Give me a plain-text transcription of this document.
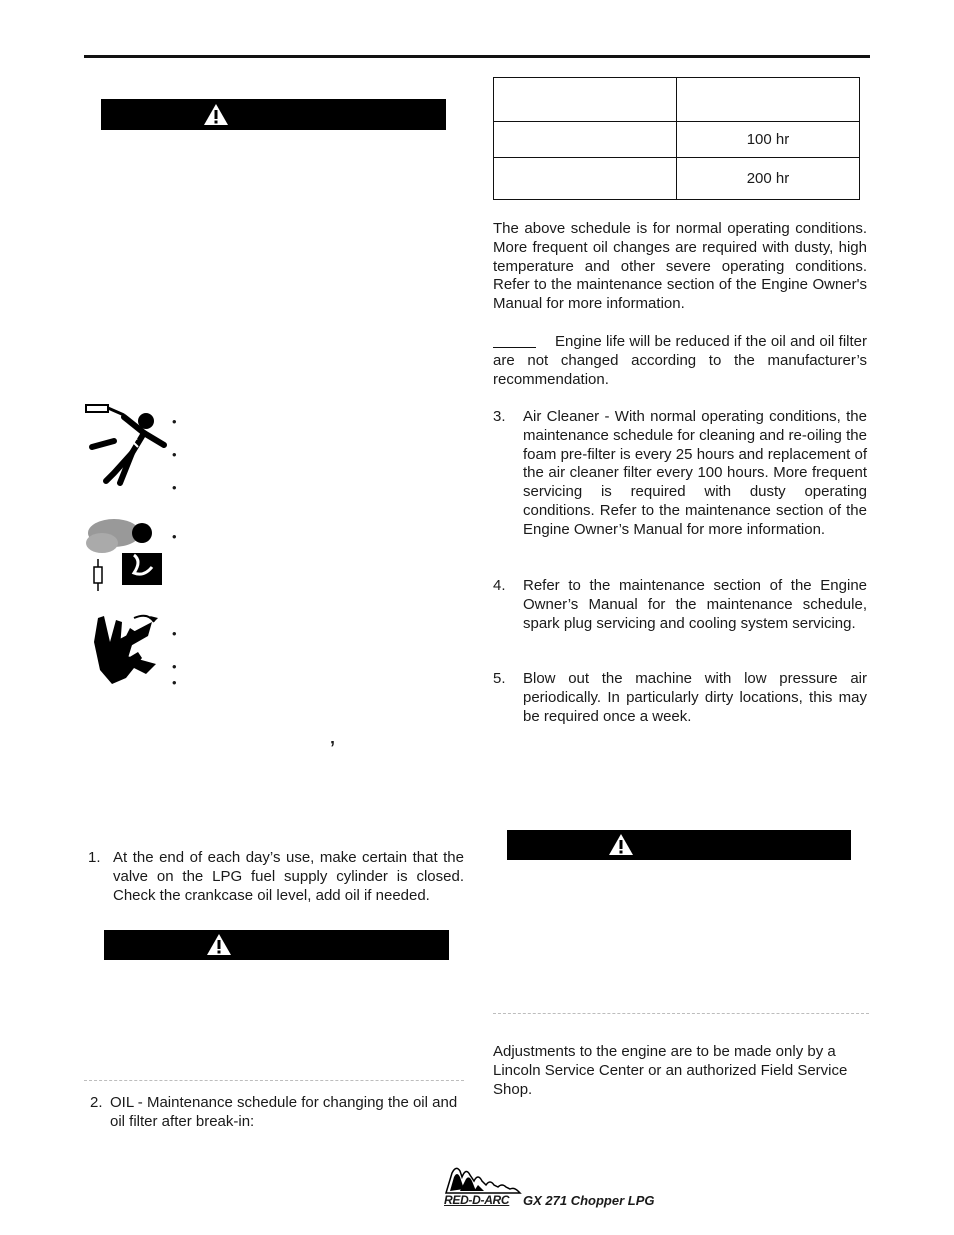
•
•
•
•
•
•
•
’
1. At the end of each day’s use, make certain that the valve on the LPG fuel supply cylinder is closed. Check the crankcase oil level, add oil if needed.
2. OIL - Maintenance schedule for changing the oil and oil filter after break-in:

	100 hr
	200 hr
The above schedule is for normal operating conditions. More frequent oil changes are required with dusty, high temperature and other severe operating conditions. Refer to the maintenance section of the Engine Owner's Manual for more information.
Engine life will be reduced if the oil and oil filter are not changed according to the manufacturer’s recommendation.
3. Air Cleaner - With normal operating conditions, the maintenance schedule for cleaning and re-oiling the foam pre-filter is every 25 hours and replacement of the air cleaner filter every 100 hours. More frequent servicing is required with dusty operating conditions. Refer to the maintenance section of the Engine Owner’s Manual for more information.
4. Refer to the maintenance section of the Engine Owner’s Manual for the maintenance schedule, spark plug servicing and cooling system servicing.
5. Blow out the machine with low pressure air periodically. In particularly dirty locations, this may be required once a week.
Adjustments to the engine are to be made only by a Lincoln Service Center or an authorized Field Service Shop.
RED-D-ARC GX 271 Chopper LPG
